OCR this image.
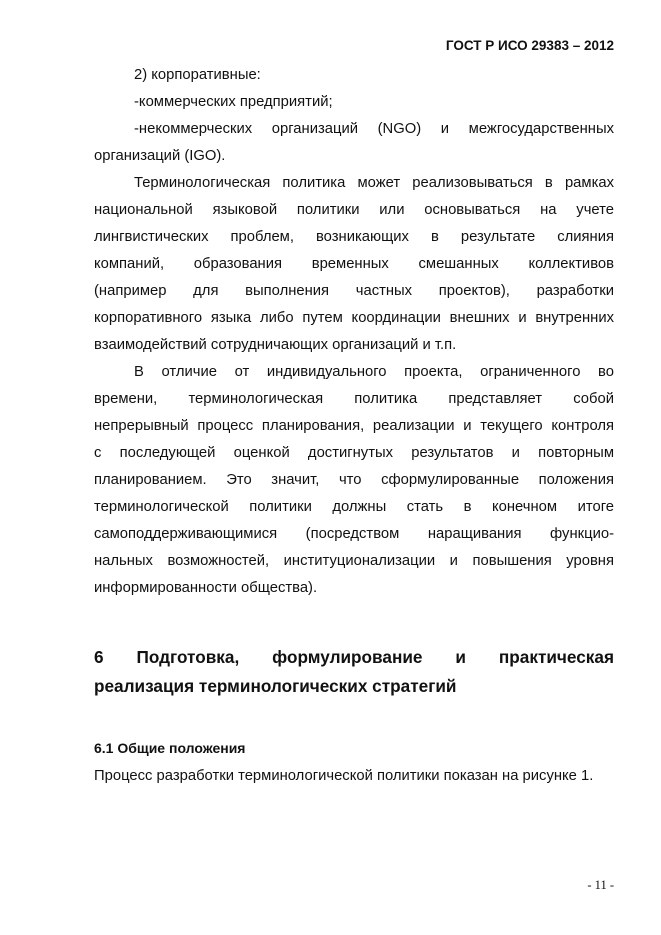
ГОСТ Р ИСО 29383 – 2012
2) корпоративные:
-коммерческих предприятий;
-некоммерческих организаций (NGO) и межгосударственных
организаций (IGO).
Терминологическая политика может реализовываться в рамках
национальной языковой политики или основываться на учете
лингвистических проблем, возникающих в результате слияния
компаний, образования временных смешанных коллективов
(например для выполнения частных проектов), разработки
корпоративного языка либо путем координации внешних и внутренних
взаимодействий сотрудничающих организаций и т.п.
В отличие от индивидуального проекта, ограниченного во
времени, терминологическая политика представляет собой
непрерывный процесс планирования, реализации и текущего контроля
с последующей оценкой достигнутых результатов и повторным
планированием. Это значит, что сформулированные положения
терминологической политики должны стать в конечном итоге
самоподдерживающимися (посредством наращивания функцио-
нальных возможностей, институционализации и повышения уровня
информированности общества).
6 Подготовка, формулирование и практическая
реализация терминологических стратегий
6.1 Общие положения
Процесс разработки терминологической политики показан на рисунке 1.
- 11 -
